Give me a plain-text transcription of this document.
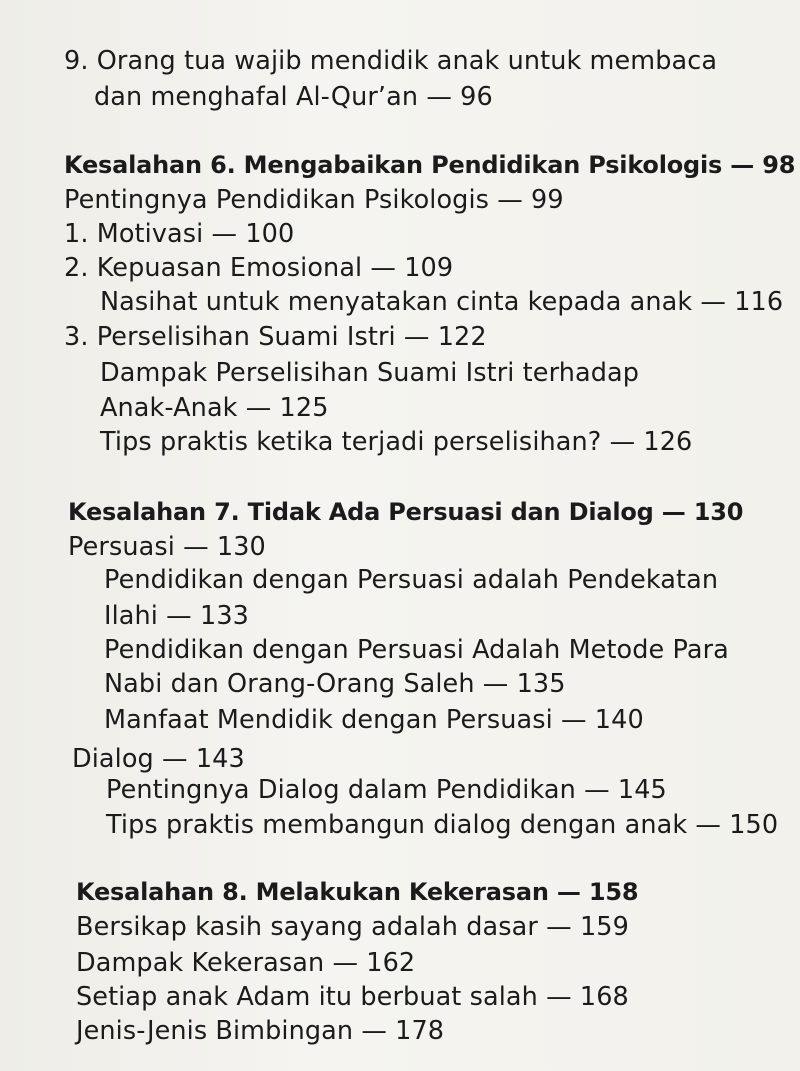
9. Orang tua wajib mendidik anak untuk membaca
dan menghafal Al-Qur’an — 96
Kesalahan 6. Mengabaikan Pendidikan Psikologis — 98
Pentingnya Pendidikan Psikologis — 99
1. Motivasi — 100
2. Kepuasan Emosional — 109
Nasihat untuk menyatakan cinta kepada anak — 116
3. Perselisihan Suami Istri — 122
Dampak Perselisihan Suami Istri terhadap
Anak-Anak — 125
Tips praktis ketika terjadi perselisihan? — 126
Kesalahan 7. Tidak Ada Persuasi dan Dialog — 130
Persuasi — 130
Pendidikan dengan Persuasi adalah Pendekatan
Ilahi — 133
Pendidikan dengan Persuasi Adalah Metode Para
Nabi dan Orang-Orang Saleh — 135
Manfaat Mendidik dengan Persuasi — 140
Dialog — 143
Pentingnya Dialog dalam Pendidikan — 145
Tips praktis membangun dialog dengan anak — 150
Kesalahan 8. Melakukan Kekerasan — 158
Bersikap kasih sayang adalah dasar — 159
Dampak Kekerasan — 162
Setiap anak Adam itu berbuat salah — 168
Jenis-Jenis Bimbingan — 178
